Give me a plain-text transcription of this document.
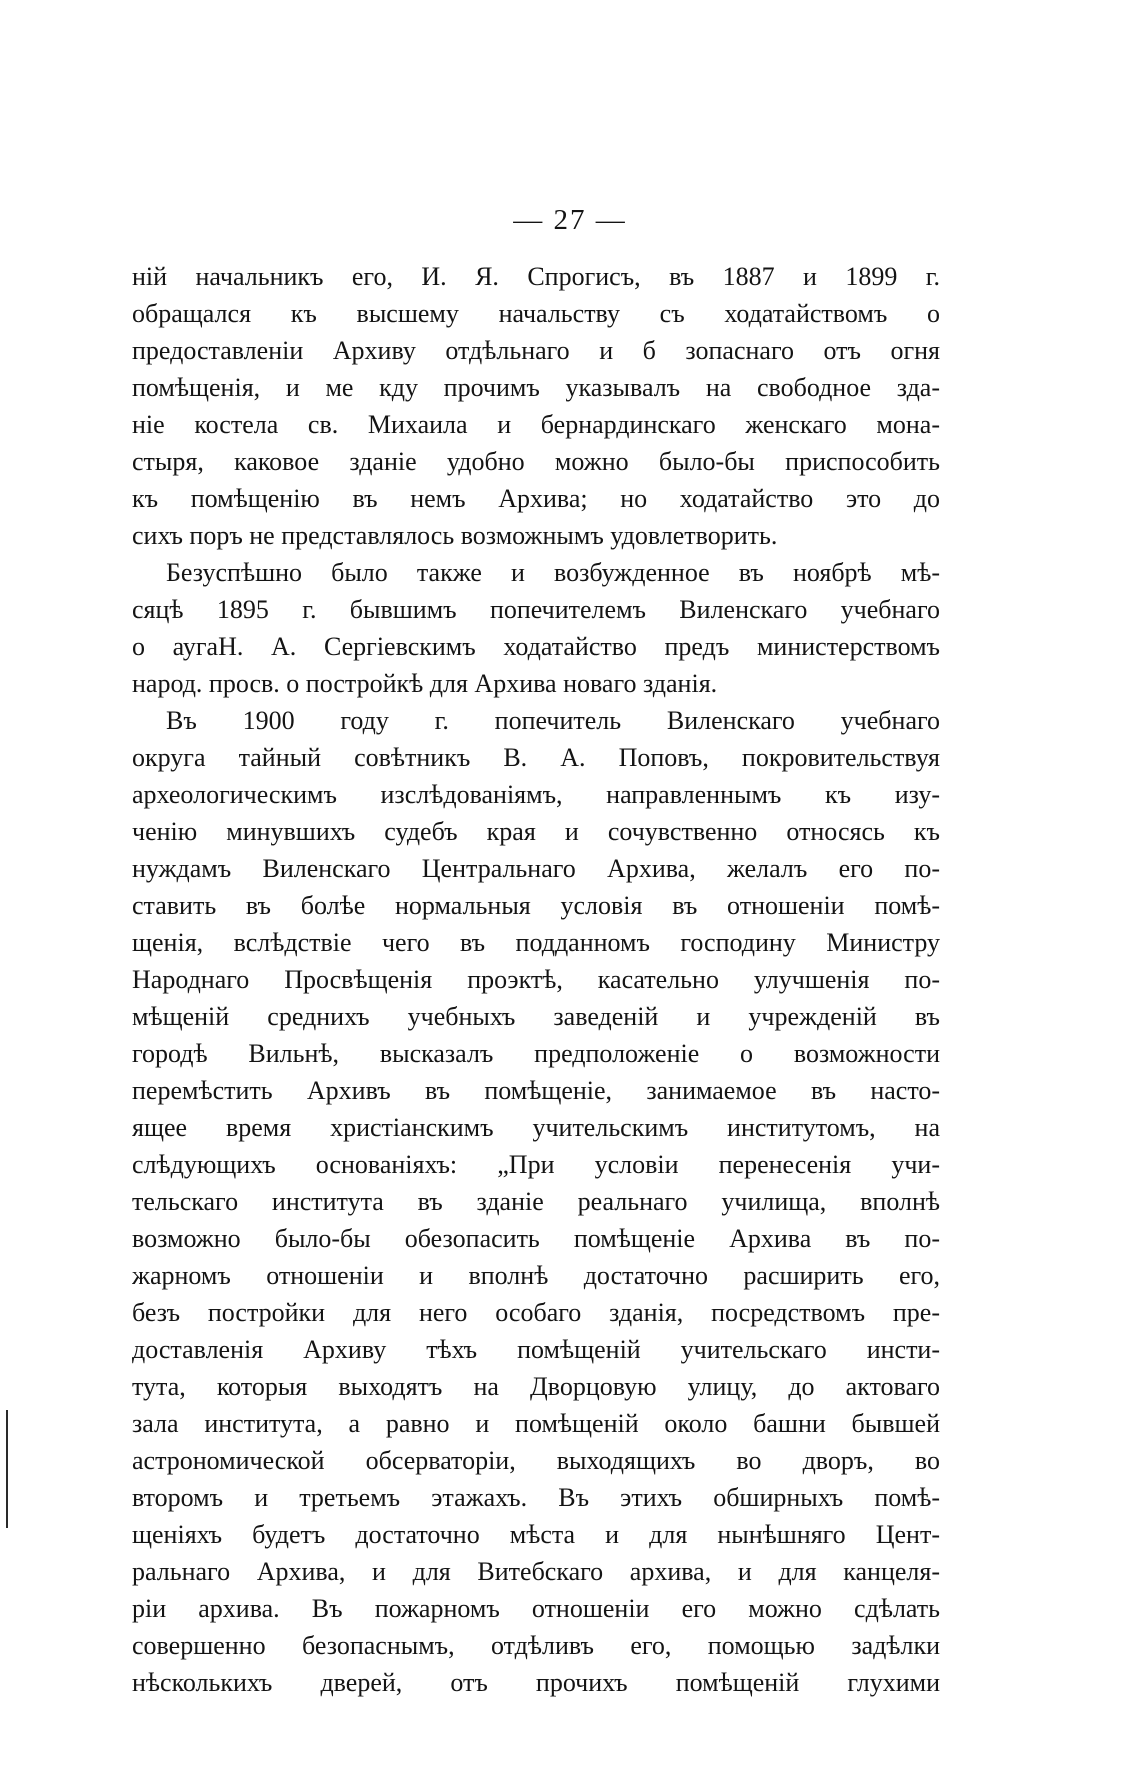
— 27 —
ній начальникъ его, И. Я. Спрогисъ, въ 1887 и 1899 г.
обращался къ высшему начальству съ ходатайствомъ о
предоставленіи Архиву отдѣльнаго и б зопаснаго отъ огня
помѣщенія, и ме кду прочимъ указывалъ на свободное зда-
ніе костела св. Михаила и бернардинскаго женскаго мона-
стыря, каковое зданіе удобно можно было-бы приспособить
къ помѣщенію въ немъ Архива; но ходатайство это до
сихъ поръ не представлялось возможнымъ удовлетворить.
Безуспѣшно было также и возбужденное въ ноябрѣ мѣ-
сяцѣ 1895 г. бывшимъ попечителемъ Виленскаго учебнаго
о аугаН. А. Сергіевскимъ ходатайство предъ министерствомъ
народ. просв. о постройкѣ для Архива новаго зданія.
Въ 1900 году г. попечитель Виленскаго учебнаго
округа тайный совѣтникъ В. А. Поповъ, покровительствуя
археологическимъ изслѣдованіямъ, направленнымъ къ изу-
ченію минувшихъ судебъ края и сочувственно относясь къ
нуждамъ Виленскаго Центральнаго Архива, желалъ его по-
ставить въ болѣе нормальныя условія въ отношеніи помѣ-
щенія, вслѣдствіе чего въ подданномъ господину Министру
Народнаго Просвѣщенія проэктѣ, касательно улучшенія по-
мѣщеній среднихъ учебныхъ заведеній и учрежденій въ
городѣ Вильнѣ, высказалъ предположеніе о возможности
перемѣстить Архивъ въ помѣщеніе, занимаемое въ насто-
ящее время христіанскимъ учительскимъ институтомъ, на
слѣдующихъ основаніяхъ: „При условіи перенесенія учи-
тельскаго института въ зданіе реальнаго училища, вполнѣ
возможно было-бы обезопасить помѣщеніе Архива въ по-
жарномъ отношеніи и вполнѣ достаточно расширить его,
безъ постройки для него особаго зданія, посредствомъ пре-
доставленія Архиву тѣхъ помѣщеній учительскаго инсти-
тута, которыя выходятъ на Дворцовую улицу, до актоваго
зала института, а равно и помѣщеній около башни бывшей
астрономической обсерваторіи, выходящихъ во дворъ, во
второмъ и третьемъ этажахъ. Въ этихъ обширныхъ помѣ-
щеніяхъ будетъ достаточно мѣста и для нынѣшняго Цент-
ральнаго Архива, и для Витебскаго архива, и для канцеля-
ріи архива. Въ пожарномъ отношеніи его можно сдѣлать
совершенно безопаснымъ, отдѣливъ его, помощью задѣлки
нѣсколькихъ дверей, отъ прочихъ помѣщеній глухими
